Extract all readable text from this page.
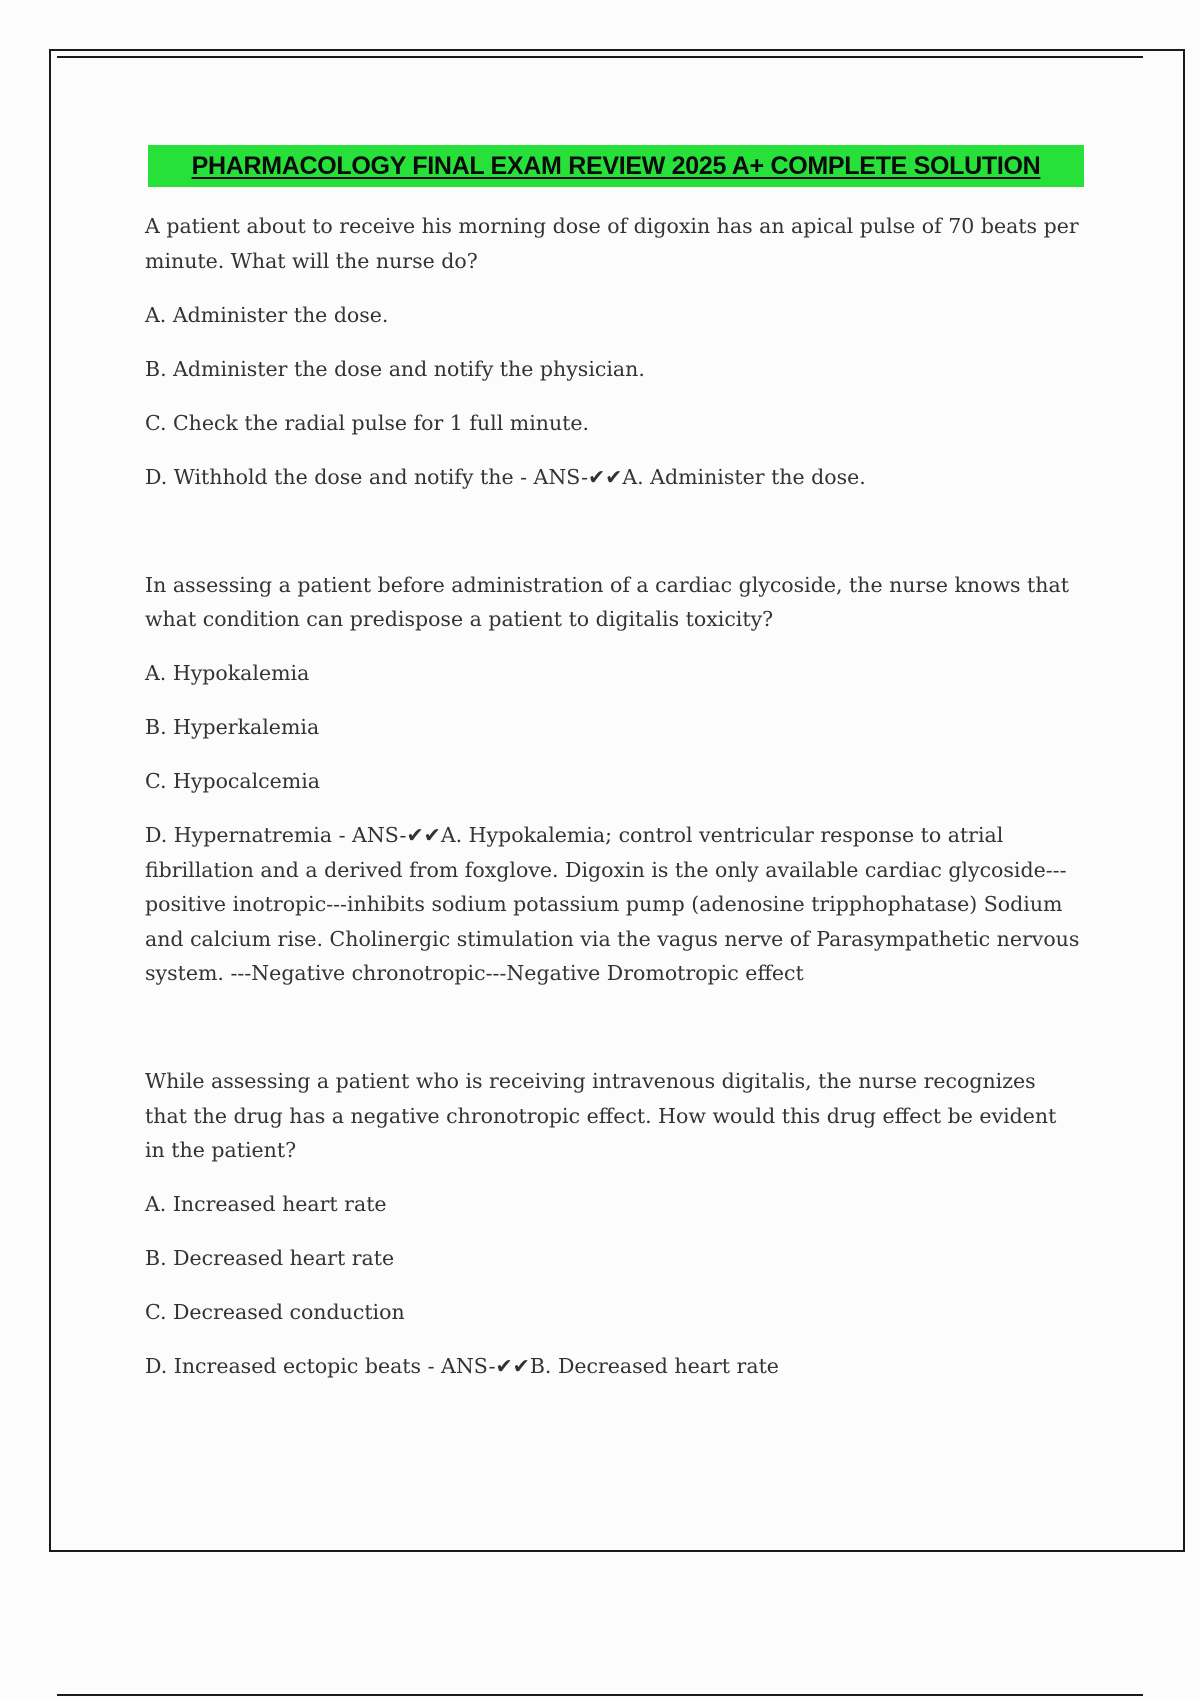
PHARMACOLOGY FINAL EXAM REVIEW 2025 A+ COMPLETE SOLUTION

A patient about to receive his morning dose of digoxin has an apical pulse of 70 beats per minute. What will the nurse do?

A. Administer the dose.

B. Administer the dose and notify the physician.

C. Check the radial pulse for 1 full minute.

D. Withhold the dose and notify the - ANS-✔✔A. Administer the dose.

In assessing a patient before administration of a cardiac glycoside, the nurse knows that what condition can predispose a patient to digitalis toxicity?

A. Hypokalemia

B. Hyperkalemia

C. Hypocalcemia

D. Hypernatremia - ANS-✔✔A. Hypokalemia; control ventricular response to atrial fibrillation and a derived from foxglove. Digoxin is the only available cardiac glycoside---positive inotropic---inhibits sodium potassium pump (adenosine tripphophatase) Sodium and calcium rise. Cholinergic stimulation via the vagus nerve of Parasympathetic nervous system. ---Negative chronotropic---Negative Dromotropic effect

While assessing a patient who is receiving intravenous digitalis, the nurse recognizes that the drug has a negative chronotropic effect. How would this drug effect be evident in the patient?

A. Increased heart rate

B. Decreased heart rate

C. Decreased conduction

D. Increased ectopic beats - ANS-✔✔B. Decreased heart rate
